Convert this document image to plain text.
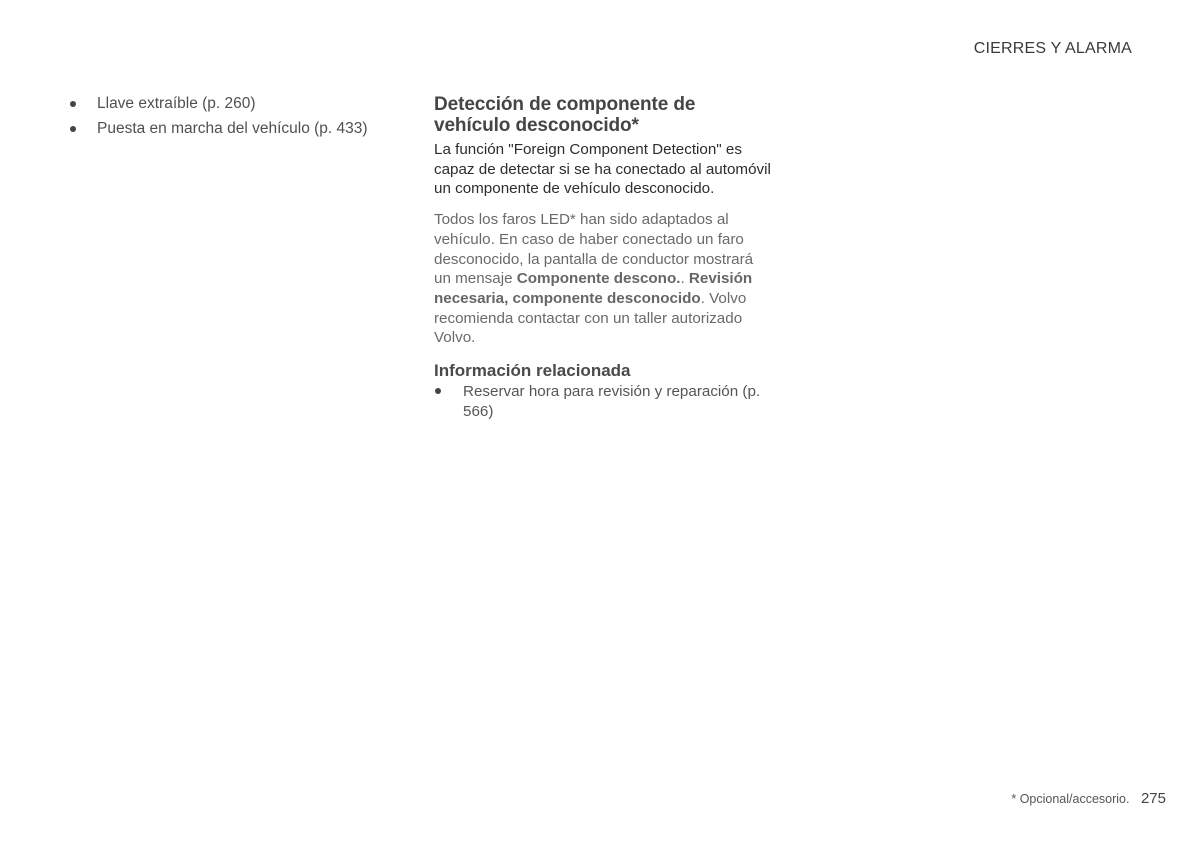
CIERRES Y ALARMA
Llave extraíble (p. 260)
Puesta en marcha del vehículo (p. 433)
Detección de componente de vehículo desconocido*

La función "Foreign Component Detection" es capaz de detectar si se ha conectado al automóvil un componente de vehículo desconocido.

Todos los faros LED* han sido adaptados al vehículo. En caso de haber conectado un faro desconocido, la pantalla de conductor mostrará un mensaje Componente descono.. Revisión necesaria, componente desconocido. Volvo recomienda contactar con un taller autorizado Volvo.

Información relacionada
Reservar hora para revisión y reparación (p. 566)
* Opcional/accesorio. 275
